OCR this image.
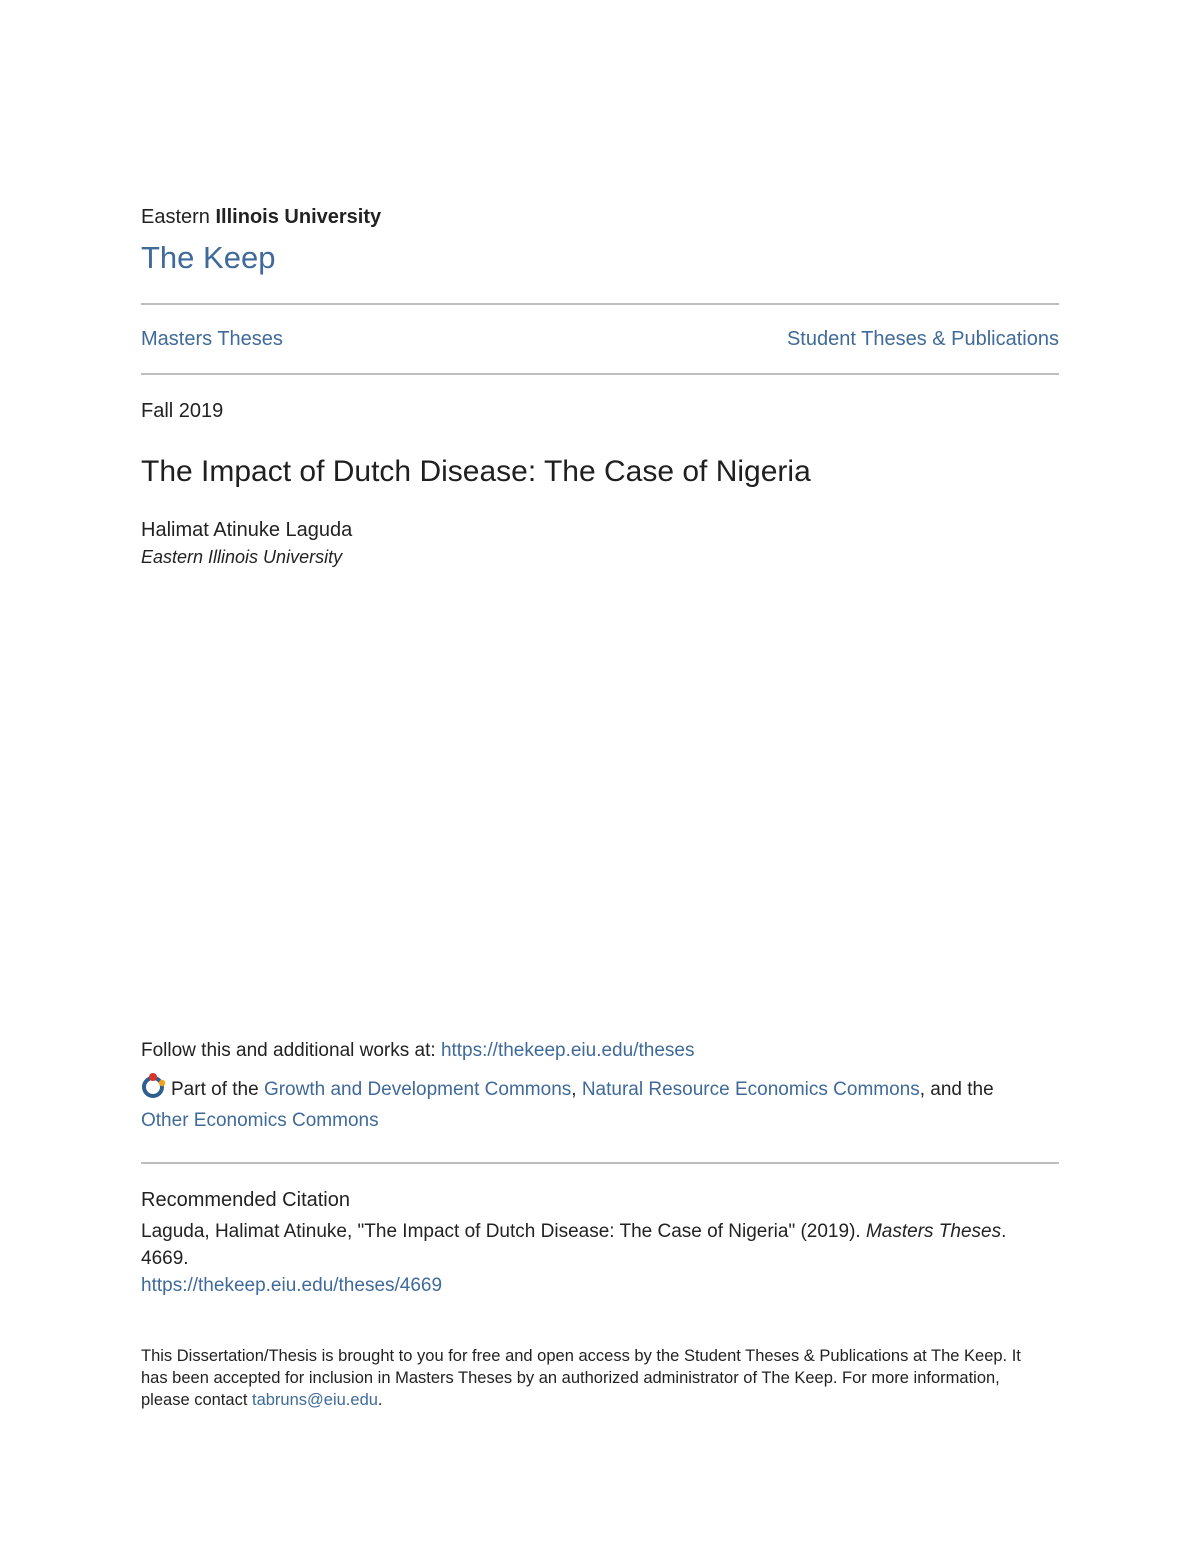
Eastern Illinois University
The Keep
Masters Theses	Student Theses & Publications
Fall 2019
The Impact of Dutch Disease: The Case of Nigeria
Halimat Atinuke Laguda
Eastern Illinois University
Follow this and additional works at: https://thekeep.eiu.edu/theses
Part of the Growth and Development Commons, Natural Resource Economics Commons, and the
Other Economics Commons
Recommended Citation
Laguda, Halimat Atinuke, "The Impact of Dutch Disease: The Case of Nigeria" (2019). Masters Theses.
4669.
https://thekeep.eiu.edu/theses/4669
This Dissertation/Thesis is brought to you for free and open access by the Student Theses & Publications at The Keep. It has been accepted for inclusion in Masters Theses by an authorized administrator of The Keep. For more information, please contact tabruns@eiu.edu.
